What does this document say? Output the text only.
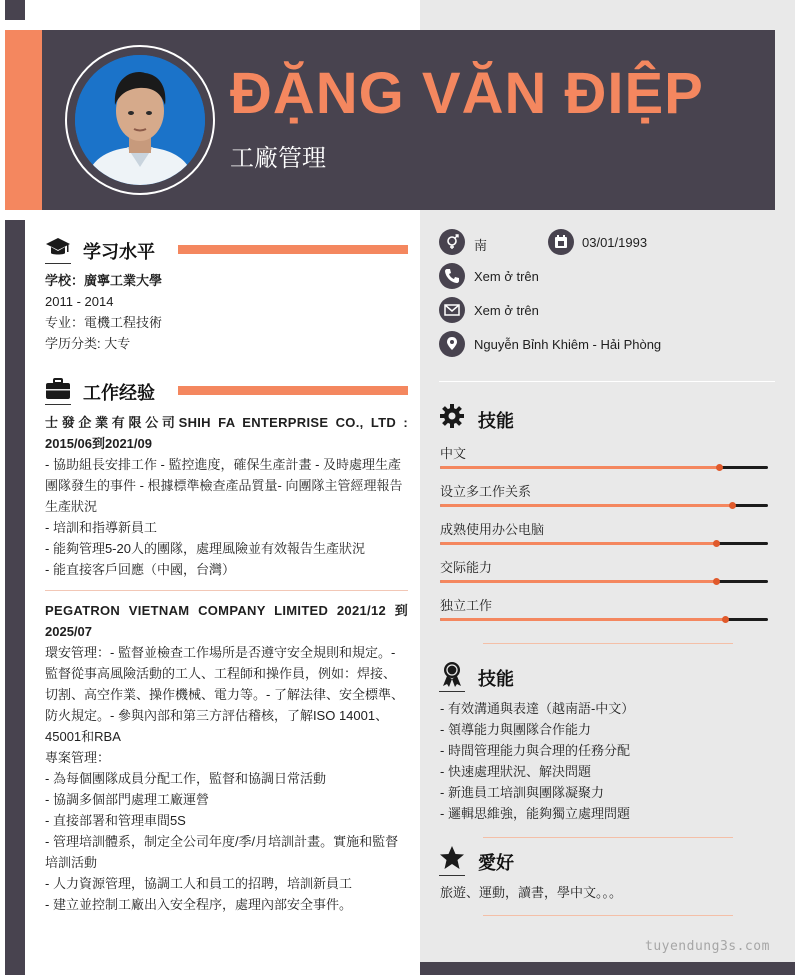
ĐẶNG VĂN ĐIỆP
工廠管理
学习水平
学校：廣寧工業大學
2011 - 2014
专业：電機工程技術
学历分类: 大专
工作经验
士發企業有限公司SHIH FA ENTERPRISE CO., LTD :
2015/06到2021/09
- 協助組長安排工作 - 監控進度，確保生產計畫 - 及時處理生產團隊發生的事件 - 根據標準檢查產品質量- 向團隊主管經理報告生產狀況
- 培訓和指導新員工
- 能夠管理5-20人的團隊，處理風險並有效報告生產狀況
- 能直接客戶回應（中國，台灣）
PEGATRON VIETNAM COMPANY LIMITED 2021/12 到
2025/07
環安管理：- 監督並檢查工作場所是否遵守安全規則和規定。- 監督從事高風險活動的工人、工程師和操作員，例如：焊接、切割、高空作業、操作機械、電力等。- 了解法律、安全標準、防火規定。- 參與內部和第三方評估稽核，了解ISO 14001、45001和RBA
專案管理：
- 為每個團隊成員分配工作，監督和協調日常活動
- 協調多個部門處理工廠運營
- 直接部署和管理車間5S
- 管理培訓體系，制定全公司年度/季/月培訓計畫。實施和監督培訓活動
- 人力資源管理，協調工人和員工的招聘，培訓新員工
- 建立並控制工廠出入安全程序，處理內部安全事件。
南	03/01/1993
Xem ở trên
Xem ở trên
Nguyễn Bỉnh Khiêm - Hải Phòng
技能
中文
设立多工作关系
成熟使用办公电脑
交际能力
独立工作
技能
- 有效溝通與表達（越南語-中文）
- 領導能力與團隊合作能力
- 時間管理能力與合理的任務分配
- 快速處理狀況、解決問題
- 新進員工培訓與團隊凝聚力
- 邏輯思維強，能夠獨立處理問題
愛好
旅遊、運動，讀書，學中文。。。
tuyendung3s.com
